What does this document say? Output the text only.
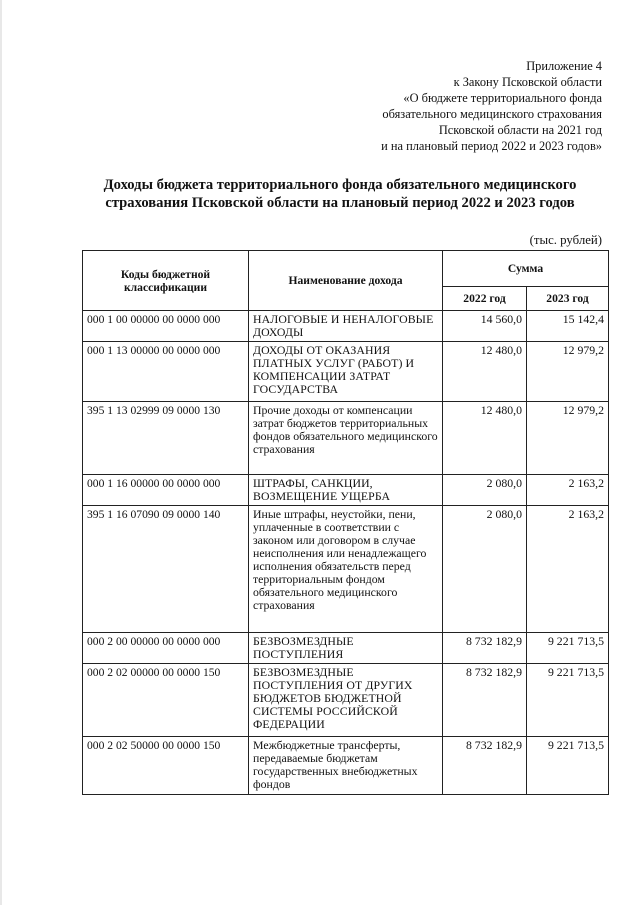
Приложение 4
к Закону Псковской области
«О бюджете территориального фонда
обязательного медицинского страхования
Псковской области на 2021 год
и на плановый период 2022 и 2023 годов»
Доходы бюджета территориального фонда обязательного медицинского
страхования Псковской области на плановый период 2022 и 2023 годов
(тыс. рублей)
Коды бюджетной классификации	Наименование дохода	Сумма	
		2022 год	2023 год
000 1 00 00000 00 0000 000	НАЛОГОВЫЕ И НЕНАЛОГОВЫЕ ДОХОДЫ	14 560,0	15 142,4
000 1 13 00000 00 0000 000	ДОХОДЫ ОТ ОКАЗАНИЯ ПЛАТНЫХ УСЛУГ (РАБОТ) И КОМПЕНСАЦИИ ЗАТРАТ ГОСУДАРСТВА	12 480,0	12 979,2
395 1 13 02999 09 0000 130	Прочие доходы от компенсации затрат бюджетов территориальных фондов обязательного медицинского страхования	12 480,0	12 979,2
000 1 16 00000 00 0000 000	ШТРАФЫ, САНКЦИИ, ВОЗМЕЩЕНИЕ УЩЕРБА	2 080,0	2 163,2
395 1 16 07090 09 0000 140	Иные штрафы, неустойки, пени, уплаченные в соответствии с законом или договором в случае неисполнения или ненадлежащего исполнения обязательств перед территориальным фондом обязательного медицинского страхования	2 080,0	2 163,2
000 2 00 00000 00 0000 000	БЕЗВОЗМЕЗДНЫЕ ПОСТУПЛЕНИЯ	8 732 182,9	9 221 713,5
000 2 02 00000 00 0000 150	БЕЗВОЗМЕЗДНЫЕ ПОСТУПЛЕНИЯ ОТ ДРУГИХ БЮДЖЕТОВ БЮДЖЕТНОЙ СИСТЕМЫ РОССИЙСКОЙ ФЕДЕРАЦИИ	8 732 182,9	9 221 713,5
000 2 02 50000 00 0000 150	Межбюджетные трансферты, передаваемые бюджетам государственных внебюджетных фондов	8 732 182,9	9 221 713,5
